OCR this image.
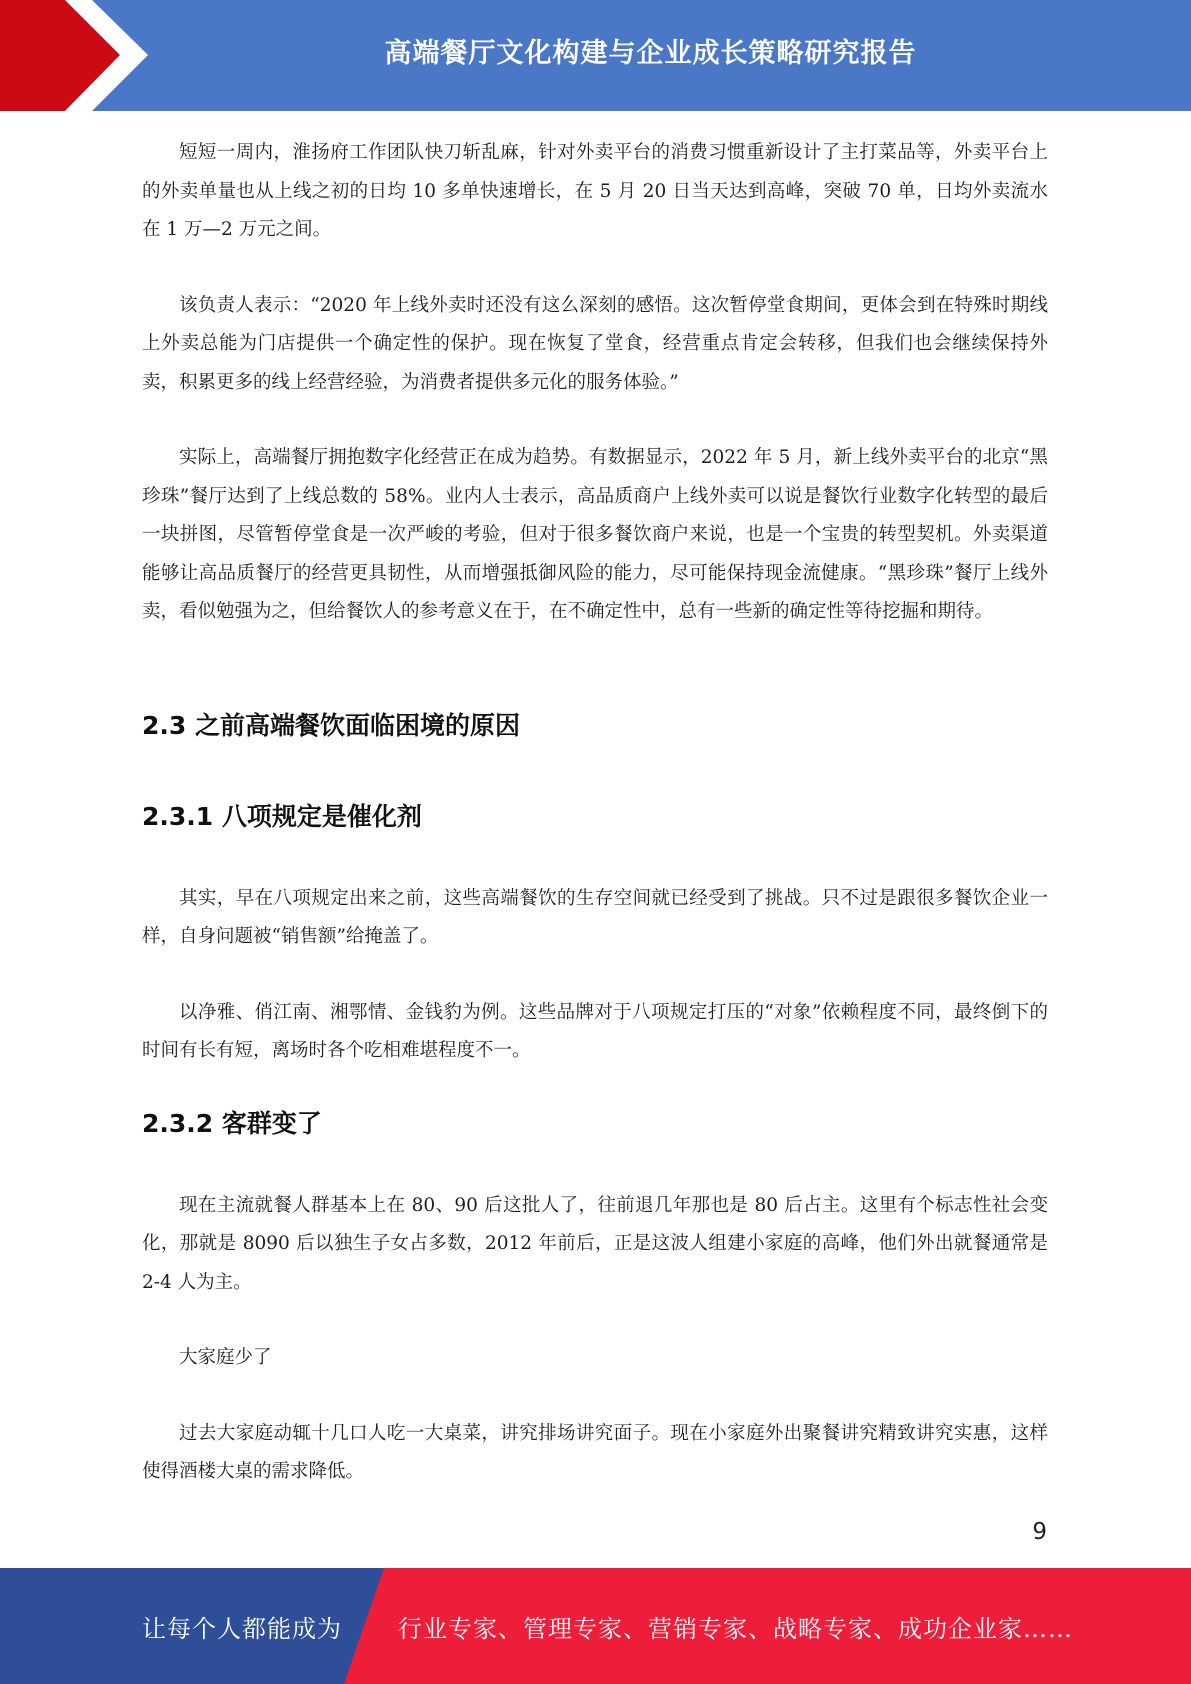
高端餐厅文化构建与企业成长策略研究报告

短短一周内，淮扬府工作团队快刀斩乱麻，针对外卖平台的消费习惯重新设计了主打菜品等，外卖平台上的外卖单量也从上线之初的日均 10 多单快速增长，在 5 月 20 日当天达到高峰，突破 70 单，日均外卖流水在 1 万—2 万元之间。

该负责人表示：“2020 年上线外卖时还没有这么深刻的感悟。这次暂停堂食期间，更体会到在特殊时期线上外卖总能为门店提供一个确定性的保护。现在恢复了堂食，经营重点肯定会转移，但我们也会继续保持外卖，积累更多的线上经营经验，为消费者提供多元化的服务体验。”

实际上，高端餐厅拥抱数字化经营正在成为趋势。有数据显示，2022 年 5 月，新上线外卖平台的北京“黑珍珠”餐厅达到了上线总数的 58%。业内人士表示，高品质商户上线外卖可以说是餐饮行业数字化转型的最后一块拼图，尽管暂停堂食是一次严峻的考验，但对于很多餐饮商户来说，也是一个宝贵的转型契机。外卖渠道能够让高品质餐厅的经营更具韧性，从而增强抵御风险的能力，尽可能保持现金流健康。“黑珍珠”餐厅上线外卖，看似勉强为之，但给餐饮人的参考意义在于，在不确定性中，总有一些新的确定性等待挖掘和期待。

2.3 之前高端餐饮面临困境的原因
2.3.1 八项规定是催化剂

其实，早在八项规定出来之前，这些高端餐饮的生存空间就已经受到了挑战。只不过是跟很多餐饮企业一样，自身问题被“销售额”给掩盖了。

以净雅、俏江南、湘鄂情、金钱豹为例。这些品牌对于八项规定打压的“对象”依赖程度不同，最终倒下的时间有长有短，离场时各个吃相难堪程度不一。

2.3.2 客群变了

现在主流就餐人群基本上在 80、90 后这批人了，往前退几年那也是 80 后占主。这里有个标志性社会变化，那就是 8090 后以独生子女占多数，2012 年前后，正是这波人组建小家庭的高峰，他们外出就餐通常是 2-4 人为主。

大家庭少了

过去大家庭动辄十几口人吃一大桌菜，讲究排场讲究面子。现在小家庭外出聚餐讲究精致讲究实惠，这样使得酒楼大桌的需求降低。

9
让每个人都能成为 行业专家、管理专家、营销专家、战略专家、成功企业家……
